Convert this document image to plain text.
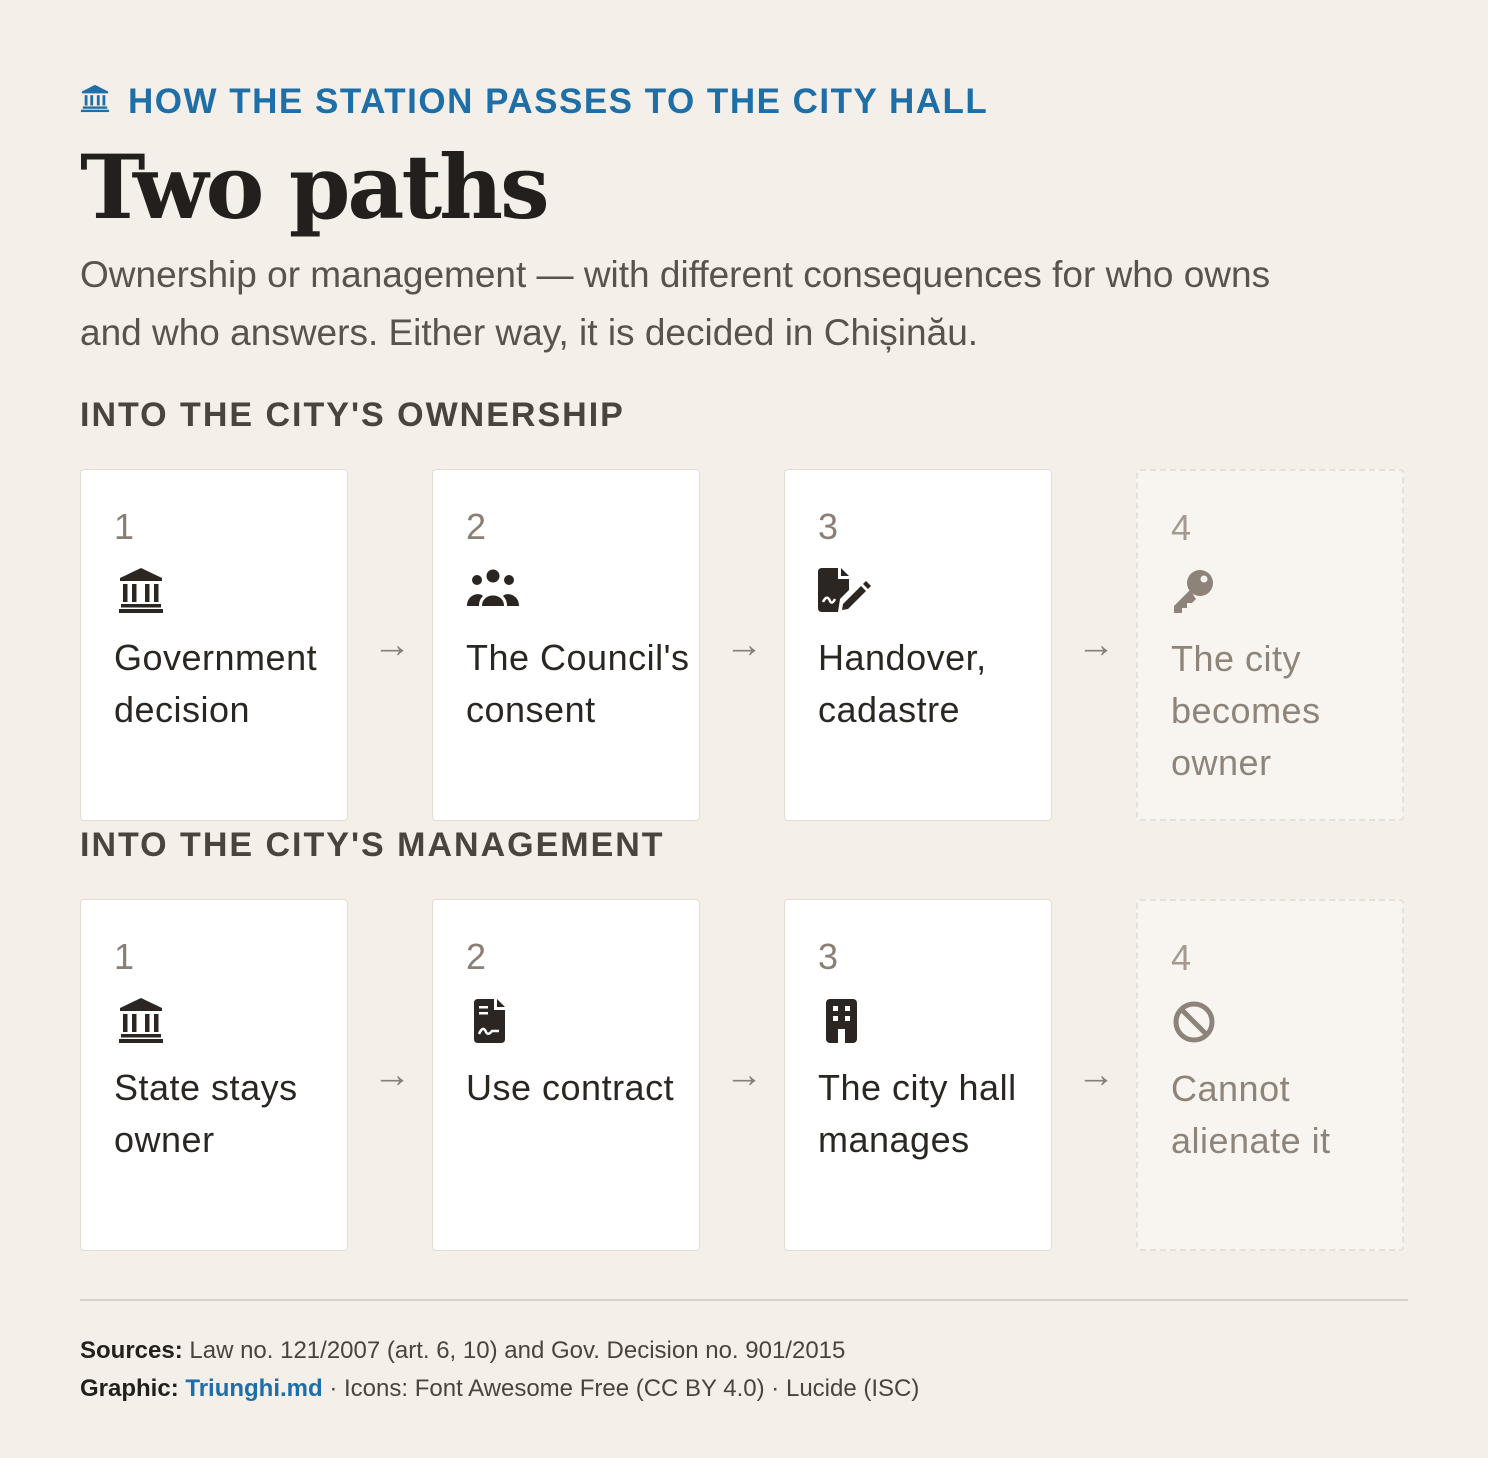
HOW THE STATION PASSES TO THE CITY HALL
Two paths
Ownership or management — with different consequences for who owns and who answers. Either way, it is decided in Chișinău.
INTO THE CITY'S OWNERSHIP
1
Government decision
→
2
The Council's consent
→
3
Handover, cadastre
→
4
The city becomes owner
INTO THE CITY'S MANAGEMENT
1
State stays owner
→
2
Use contract	→
3
The city hall manages
→
4
Cannot alienate it
Sources: Law no. 121/2007 (art. 6, 10) and Gov. Decision no. 901/2015
Graphic: Triunghi.md · Icons: Font Awesome Free (CC BY 4.0) · Lucide (ISC)
